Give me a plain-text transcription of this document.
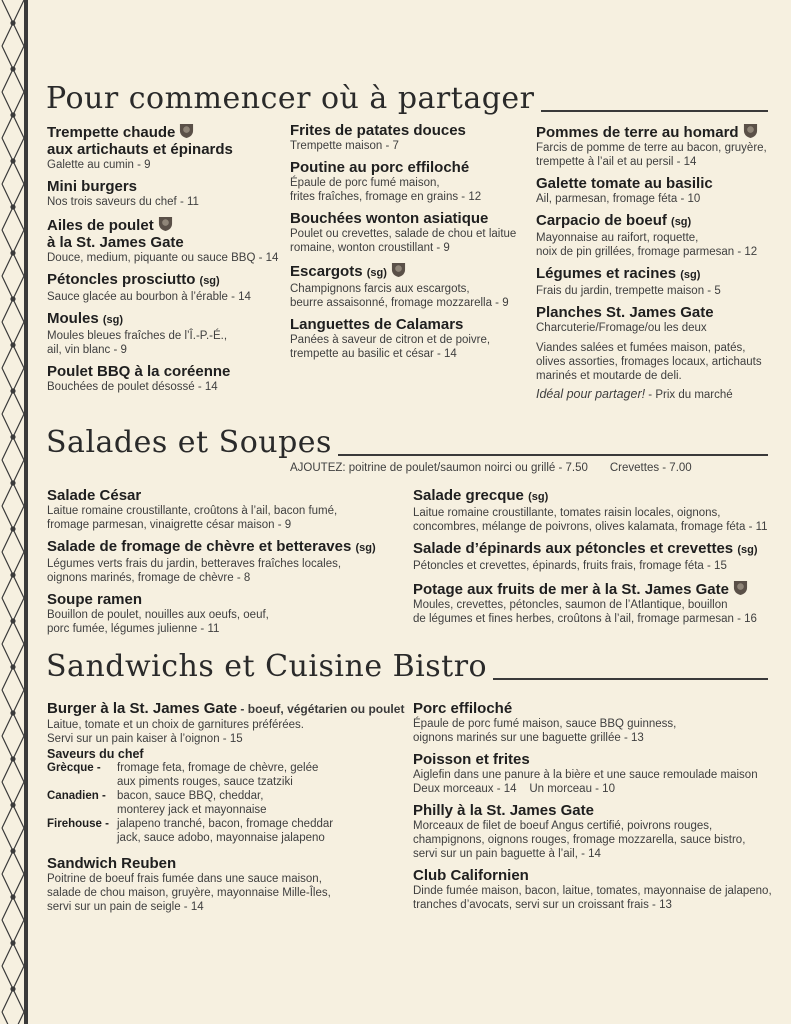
Pour commencer où à partager
Trempette chaude
aux artichauts et épinards
Galette au cumin - 9
Mini burgers
Nos trois saveurs du chef - 11
Ailes de poulet
à la St. James Gate
Douce, medium, piquante ou sauce BBQ - 14
Pétoncles prosciutto (sg)
Sauce glacée au bourbon à l’érable - 14
Moules (sg)
Moules bleues fraîches de l’Î.-P.-É.,
ail, vin blanc - 9
Poulet BBQ à la coréenne
Bouchées de poulet désossé - 14
Frites de patates douces
Trempette maison - 7
Poutine au porc effiloché
Épaule de porc fumé maison,
frites fraîches, fromage en grains - 12
Bouchées wonton asiatique
Poulet ou crevettes, salade de chou et laitue
romaine, wonton croustillant - 9
Escargots (sg)
Champignons farcis aux escargots,
beurre assaisonné, fromage mozzarella - 9
Languettes de Calamars
Panées à saveur de citron et de poivre,
trempette au basilic et césar - 14
Pommes de terre au homard
Farcis de pomme de terre au bacon, gruyère,
trempette à l’ail et au persil - 14
Galette tomate au basilic
Ail, parmesan, fromage féta - 10
Carpacio de boeuf (sg)
Mayonnaise au raifort, roquette,
noix de pin grillées, fromage parmesan - 12
Légumes et racines (sg)
Frais du jardin, trempette maison - 5
Planches St. James Gate
Charcuterie/Fromage/ou les deux
Viandes salées et fumées maison, patés,
olives assorties, fromages locaux, artichauts
marinés et moutarde de deli.
Idéal pour partager! - Prix du marché
Salades et Soupes
AJOUTEZ: poitrine de poulet/saumon noirci ou grillé - 7.50 Crevettes - 7.00
Salade César
Laitue romaine croustillante, croûtons à l’ail, bacon fumé,
fromage parmesan, vinaigrette césar maison - 9
Salade de fromage de chèvre et betteraves (sg)
Légumes verts frais du jardin, betteraves fraîches locales,
oignons marinés, fromage de chèvre - 8
Soupe ramen
Bouillon de poulet, nouilles aux oeufs, oeuf,
porc fumée, légumes julienne - 11
Salade grecque (sg)
Laitue romaine croustillante, tomates raisin locales, oignons,
concombres, mélange de poivrons, olives kalamata, fromage féta - 11
Salade d’épinards aux pétoncles et crevettes (sg)
Pétoncles et crevettes, épinards, fruits frais, fromage féta - 15
Potage aux fruits de mer à la St. James Gate
Moules, crevettes, pétoncles, saumon de l’Atlantique, bouillon
de légumes et fines herbes, croûtons à l’ail, fromage parmesan - 16
Sandwichs et Cuisine Bistro
Burger à la St. James Gate - boeuf, végétarien ou poulet
Laitue, tomate et un choix de garnitures préférées.
Servi sur un pain kaiser à l’oignon - 15
Saveurs du chef
Grècque -	fromage feta, fromage de chèvre, gelée
aux piments rouges, sauce tzatziki
Canadien - bacon, sauce BBQ, cheddar,
monterey jack et mayonnaise
Firehouse - jalapeno tranché, bacon, fromage cheddar
jack, sauce adobo, mayonnaise jalapeno
Sandwich Reuben
Poitrine de boeuf frais fumée dans une sauce maison,
salade de chou maison, gruyère, mayonnaise Mille-Îles,
servi sur un pain de seigle - 14
Porc effiloché
Épaule de porc fumé maison, sauce BBQ guinness,
oignons marinés sur une baguette grillée - 13
Poisson et frites
Aiglefin dans une panure à la bière et une sauce remoulade maison
Deux morceaux - 14    Un morceau - 10
Philly à la St. James Gate
Morceaux de filet de boeuf Angus certifié, poivrons rouges,
champignons, oignons rouges, fromage mozzarella, sauce bistro,
servi sur un pain baguette à l’ail, - 14
Club Californien
Dinde fumée maison, bacon, laitue, tomates, mayonnaise de jalapeno,
tranches d’avocats, servi sur un croissant frais - 13
